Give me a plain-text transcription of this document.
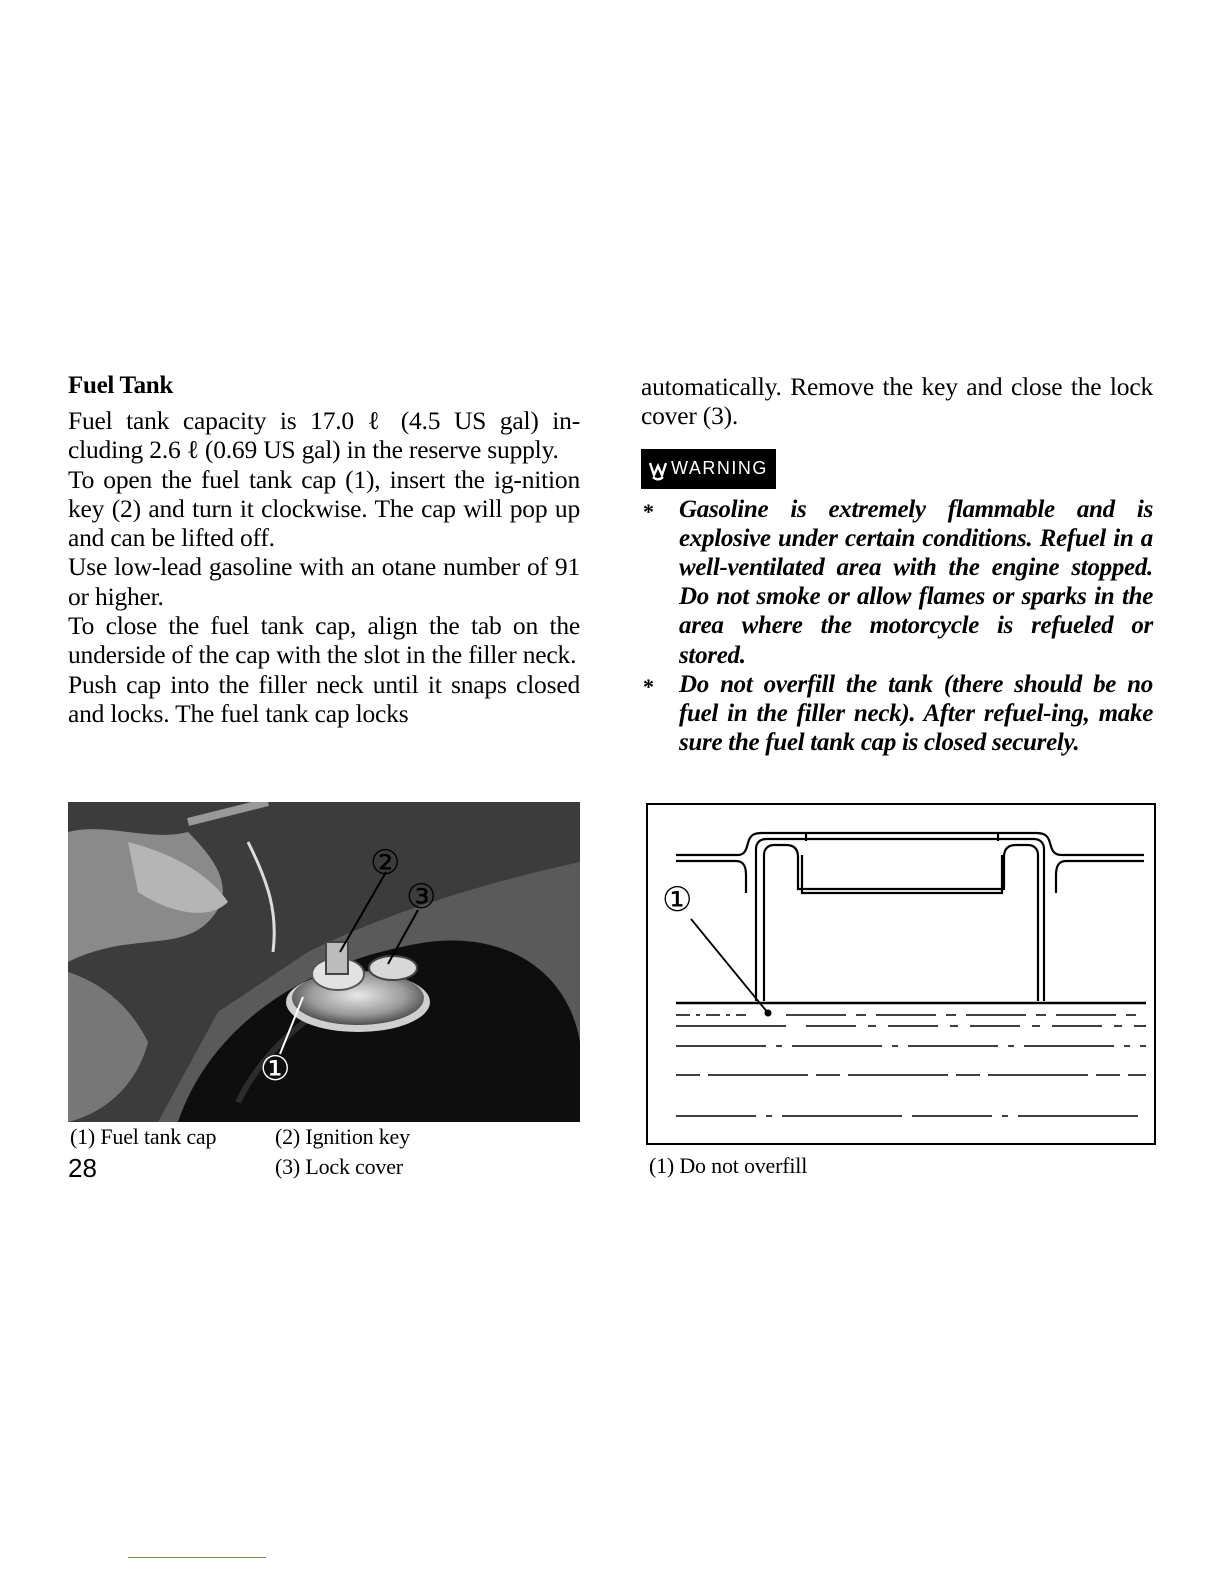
Fuel Tank

Fuel tank capacity is 17.0 ℓ (4.5 US gal) in-cluding 2.6 ℓ (0.69 US gal) in the reserve supply.

To open the fuel tank cap (1), insert the ig-nition key (2) and turn it clockwise. The cap will pop up and can be lifted off.

Use low-lead gasoline with an otane number of 91 or higher.

To close the fuel tank cap, align the tab on the underside of the cap with the slot in the filler neck.

Push cap into the filler neck until it snaps closed and locks. The fuel tank cap locks

②
③
①
(1) Fuel tank cap	(2) Ignition key
(3) Lock cover
28

automatically. Remove the key and close the lock cover (3).

WARNING
* Gasoline is extremely flammable and is explosive under certain conditions. Refuel in a well-ventilated area with the engine stopped. Do not smoke or allow flames or sparks in the area where the motorcycle is refueled or stored.
* Do not overfill the tank (there should be no fuel in the filler neck). After refuel-ing, make sure the fuel tank cap is closed securely.
①
(1) Do not overfill
